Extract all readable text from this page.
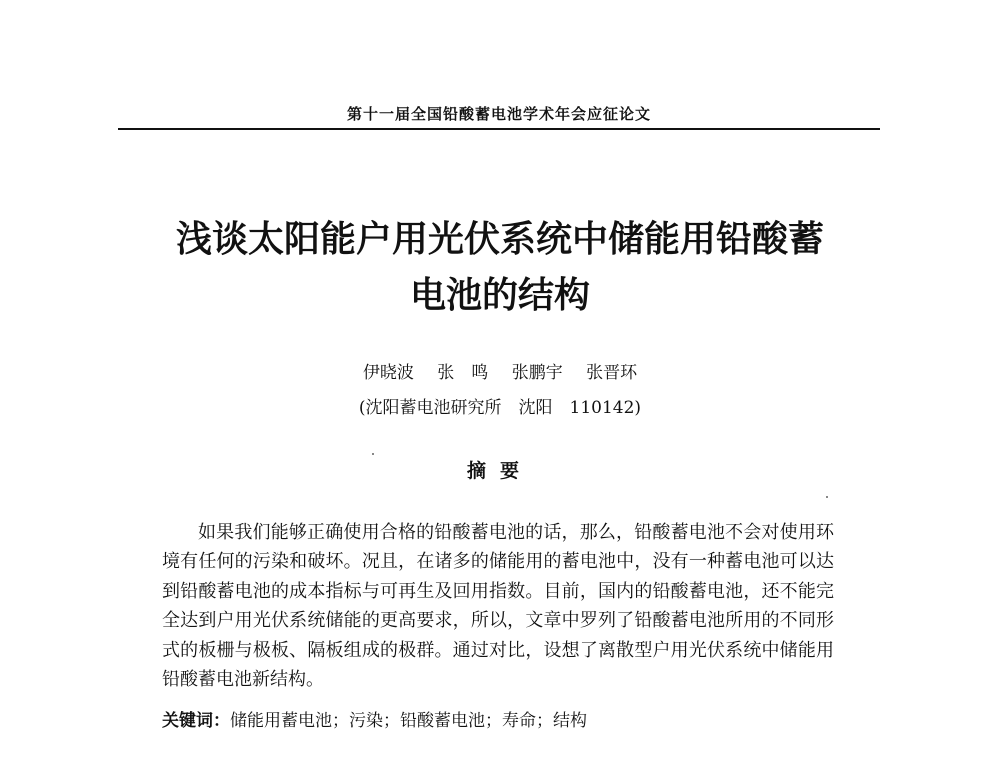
第十一届全国铅酸蓄电池学术年会应征论文
浅谈太阳能户用光伏系统中储能用铅酸蓄
电池的结构
伊晓波 张　鸣 张鹏宇 张晋环
(沈阳蓄电池研究所　沈阳　110142)
摘要

如果我们能够正确使用合格的铅酸蓄电池的话，那么，铅酸蓄电池不会对使用环境有任何的污染和破坏。况且，在诸多的储能用的蓄电池中，没有一种蓄电池可以达到铅酸蓄电池的成本指标与可再生及回用指数。目前，国内的铅酸蓄电池，还不能完全达到户用光伏系统储能的更高要求，所以，文章中罗列了铅酸蓄电池所用的不同形式的板栅与极板、隔板组成的极群。通过对比，设想了离散型户用光伏系统中储能用铅酸蓄电池新结构。

关键词：储能用蓄电池；污染；铅酸蓄电池；寿命；结构
